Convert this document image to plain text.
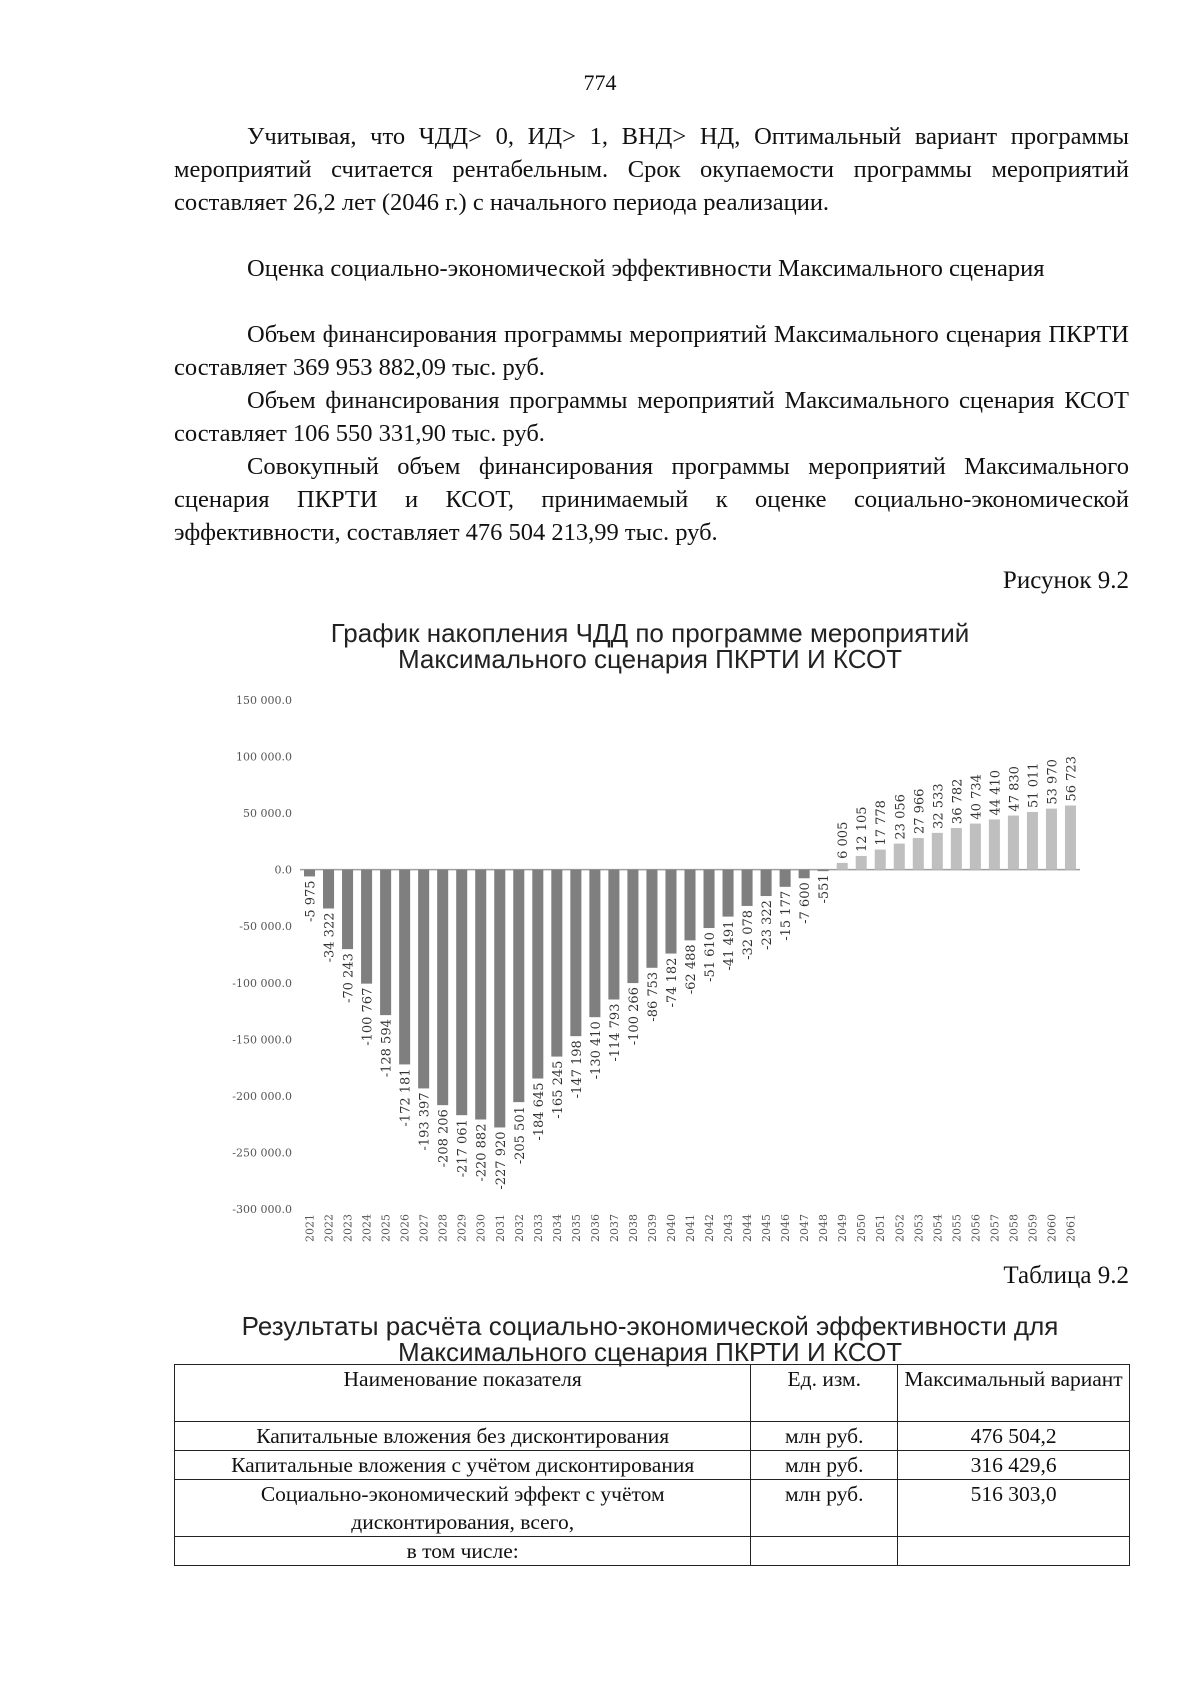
774

Учитывая, что ЧДД> 0, ИД> 1, ВНД> НД, Оптимальный вариант программы мероприятий считается рентабельным. Срок окупаемости программы мероприятий составляет 26,2 лет (2046 г.) с начального периода реализации.

Оценка социально-экономической эффективности Максимального сценария

Объем финансирования программы мероприятий Максимального сценария ПКРТИ составляет 369 953 882,09 тыс. руб.

Объем финансирования программы мероприятий Максимального сценария КСОТ составляет 106 550 331,90 тыс. руб.

Совокупный объем финансирования программы мероприятий Максимального сценария ПКРТИ и КСОТ, принимаемый к оценке социально-экономической эффективности, составляет 476 504 213,99 тыс. руб.

Рисунок 9.2
График накопления ЧДД по программе мероприятий
Максимального сценария ПКРТИ И КСОТ
150 000.0
100 000.0
50 000.0
0.0
-50 000.0
-100 000.0
-150 000.0
-200 000.0
-250 000.0
-300 000.0
-5 975
2021
-34 322
2022
-70 243
2023
-100 767
2024
-128 594
2025
-172 181
2026
-193 397
2027
-208 206
2028
-217 061
2029
-220 882
2030
-227 920
2031
-205 501
2032
-184 645
2033
-165 245
2034
-147 198
2035
-130 410
2036
-114 793
2037
-100 266
2038
-86 753
2039
-74 182
2040
-62 488
2041
-51 610
2042
-41 491
2043
-32 078
2044
-23 322
2045
-15 177
2046
-7 600
2047
-551
2048
6 005
2049
12 105
2050
17 778
2051
23 056
2052
27 966
2053
32 533
2054
36 782
2055
40 734
2056
44 410
2057
47 830
2058
51 011
2059
53 970
2060
56 723
2061
Таблица 9.2
Результаты расчёта социально-экономической эффективности для
Максимального сценария ПКРТИ И КСОТ
Наименование показателя	Ед. изм.	Максимальный вариант
Капитальные вложения без дисконтирования	млн руб.	476 504,2
Капитальные вложения с учётом дисконтирования	млн руб.	316 429,6
Социально-экономический эффект с учётом дисконтирования, всего,	млн руб.	516 303,0
в том числе:		
